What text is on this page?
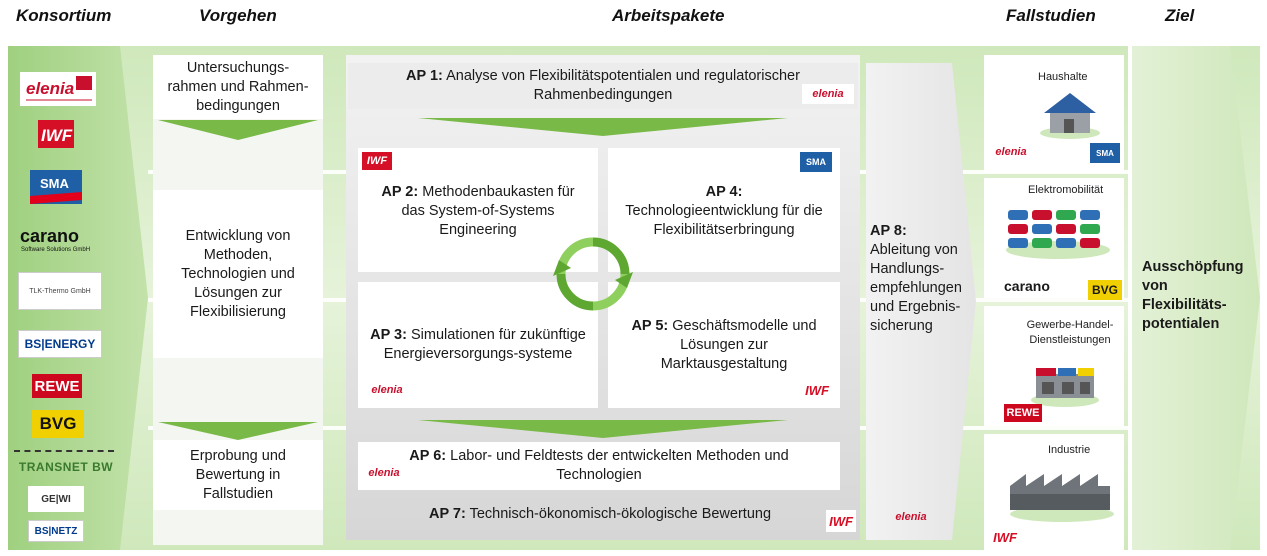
Konsortium	Vorgehen	Arbeitspakete	Fallstudien	Ziel
elenia
IWF
SMA
carano
Software Solutions GmbH
TLK-Thermo GmbH
BS|ENERGY
REWE
BVG
TRANSNET BW
GE|WI
BS|NETZ
Untersuchungs-rahmen und Rahmen-bedingungen
Entwicklung von Methoden, Technologien und Lösungen zur Flexibilisierung
Erprobung und Bewertung in Fallstudien
AP 1: Analyse von Flexibilitätspotentialen und regulatorischer Rahmenbedingungen	elenia
IWF
AP 2: Methodenbaukasten für das System-of-Systems Engineering
SMA
AP 4:
Technologieentwicklung für die Flexibilitätserbringung
AP 3: Simulationen für zukünftige Energieversorgungs-systeme
elenia
AP 5: Geschäftsmodelle und Lösungen zur Marktausgestaltung
IWF
AP 6: Labor- und Feldtests der entwickelten Methoden und Technologien
elenia
AP 7: Technisch-ökonomisch-ökologische Bewertung	IWF
AP 8:
Ableitung von Handlungs-empfehlungen und Ergebnis-sicherung
elenia
Haushalte
elenia	SMA
Elektromobilität
carano	BVG
Gewerbe-Handel-Dienstleistungen
REWE
Industrie
IWF
Ausschöpfung von Flexibilitäts-potentialen
